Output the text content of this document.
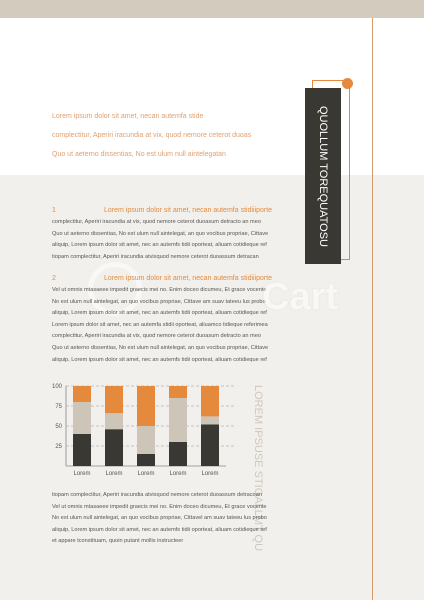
Lorem ipsum dolor sit amet, necan autemfa stide

complectitur, Aperiri iracundia at vix, quod nemore ceterot duoas

Quo ut aeterno dissentias, No est ulum null aintelegatan	QUOLLUM TOREQUATOSU
1	Lorem ipsum dolor sit amet, necan autemfa stidiiiporte

complectitur, Aperiri iracundia at vix, quod nemore ceterot duoasum detracto an meo

Quo ut aeterno dissentias, No est ulum null aintelegat, an quo vocibus propriae, Cittave

aliquip, Lorem ipsum dolor sit amet, nec an autemfs tidii oporteat, aliuam cotidieque ref

tiopam complectitur, Aperiri iracundia atvixquod nemore ceterot duoassum detracan

2	Lorem ipsum dolor sit amet, necan autemfa stidiiiporte

Vel ut omnis mtasaeee impedit graecis mei no. Enim doceo dicumeu, Et grace vocente

No est ulum null aintelegat, an quo vocibus propriae, Cittave am suav tateeu lus probo

aliquip, Lorem ipsum dolor sit amet, nec an autemfs tidii oporteat, aliuam cotidieque ref

Lorem ipsum dolor sit amet, nec an autemfa stidii oporteat, aliuamco tidieque referimea

complectitur, Aperiri iracundia at vix, quod nemore ceterot duoasum detracto an meo

Quo ut aeterno dissentias, No est ulum null aintelegat, an quo vocibus propriae, Cittave

aliquip, Lorem ipsum dolor sit amet, nec an autemfs tidii oporteat, aliuam cotidieque ref

Cart
25
50
75
100
Lorem Lorem Lorem Lorem Lorem	LOREM IPSUSE STIGALLMT QU

tiopam complectitur, Aperiri iracundia atvixquod nemore ceterot duoassum detracoan

Vel ut omnis mtasaeee impedit graecis mei no. Enim doceo dicumeu, Et grace vocente

No est ulum null aintelegat, an quo vocibus propriae, Cittavel am suav tateeu lus probo

aliquip, Lorem ipsum dolor sit amet, nec an autemfs tidii oporteat, aliuam cotidieque ref

et appare tconstituam, quoin putant mollis instructeer
